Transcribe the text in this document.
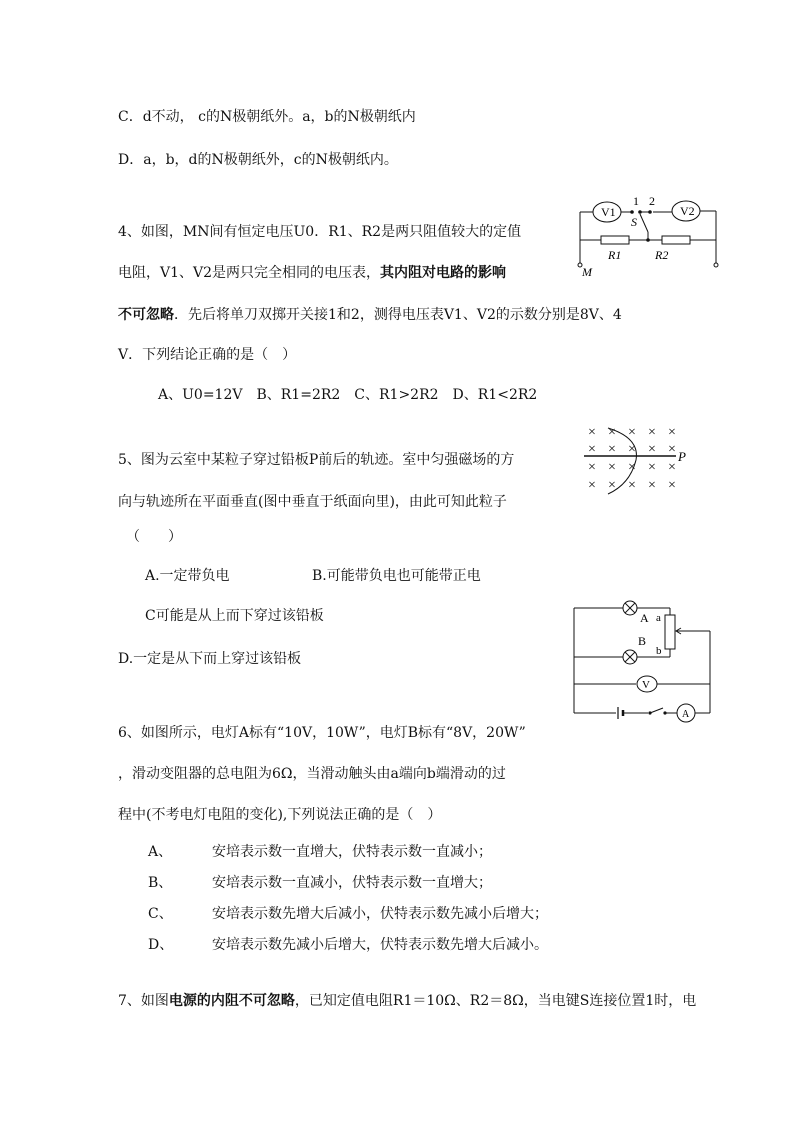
C．d不动， c的N极朝纸外。a，b的N极朝纸内
D．a，b，d的N极朝纸外，c的N极朝纸内。
4、如图，MN间有恒定电压U0．R1、R2是两只阻值较大的定值
电阻，V1、V2是两只完全相同的电压表，其内阻对电路的影响
不可忽略．先后将单刀双掷开关接1和2，测得电压表V1、V2的示数分别是8V、4
V．下列结论正确的是（　）
A、U0=12V　B、R1=2R2　C、R1>2R2　D、R1<2R2
V1	V2
S
1 2
R1	R2
M
5、图为云室中某粒子穿过铅板P前后的轨迹。室中匀强磁场的方
向与轨迹所在平面垂直(图中垂直于纸面向里)，由此可知此粒子
（　　）
A.一定带负电	B.可能带负电也可能带正电
C可能是从上而下穿过该铅板
D.一定是从下而上穿过该铅板
× × × × ×
× × × × ×
× × × × ×
× × × × ×
P
A
B
a
b
V
A
6、如图所示，电灯A标有“10V，10W”，电灯B标有“8V，20W”
，滑动变阻器的总电阻为6Ω，当滑动触头由a端向b端滑动的过
程中(不考电灯电阻的变化),下列说法正确的是（　）
A、	安培表示数一直增大，伏特表示数一直减小；
B、	安培表示数一直减小，伏特表示数一直增大；
C、	安培表示数先增大后减小，伏特表示数先减小后增大；
D、	安培表示数先减小后增大，伏特表示数先增大后减小。
7、如图电源的内阻不可忽略，已知定值电阻R1＝10Ω、R2＝8Ω，当电键S连接位置1时，电
